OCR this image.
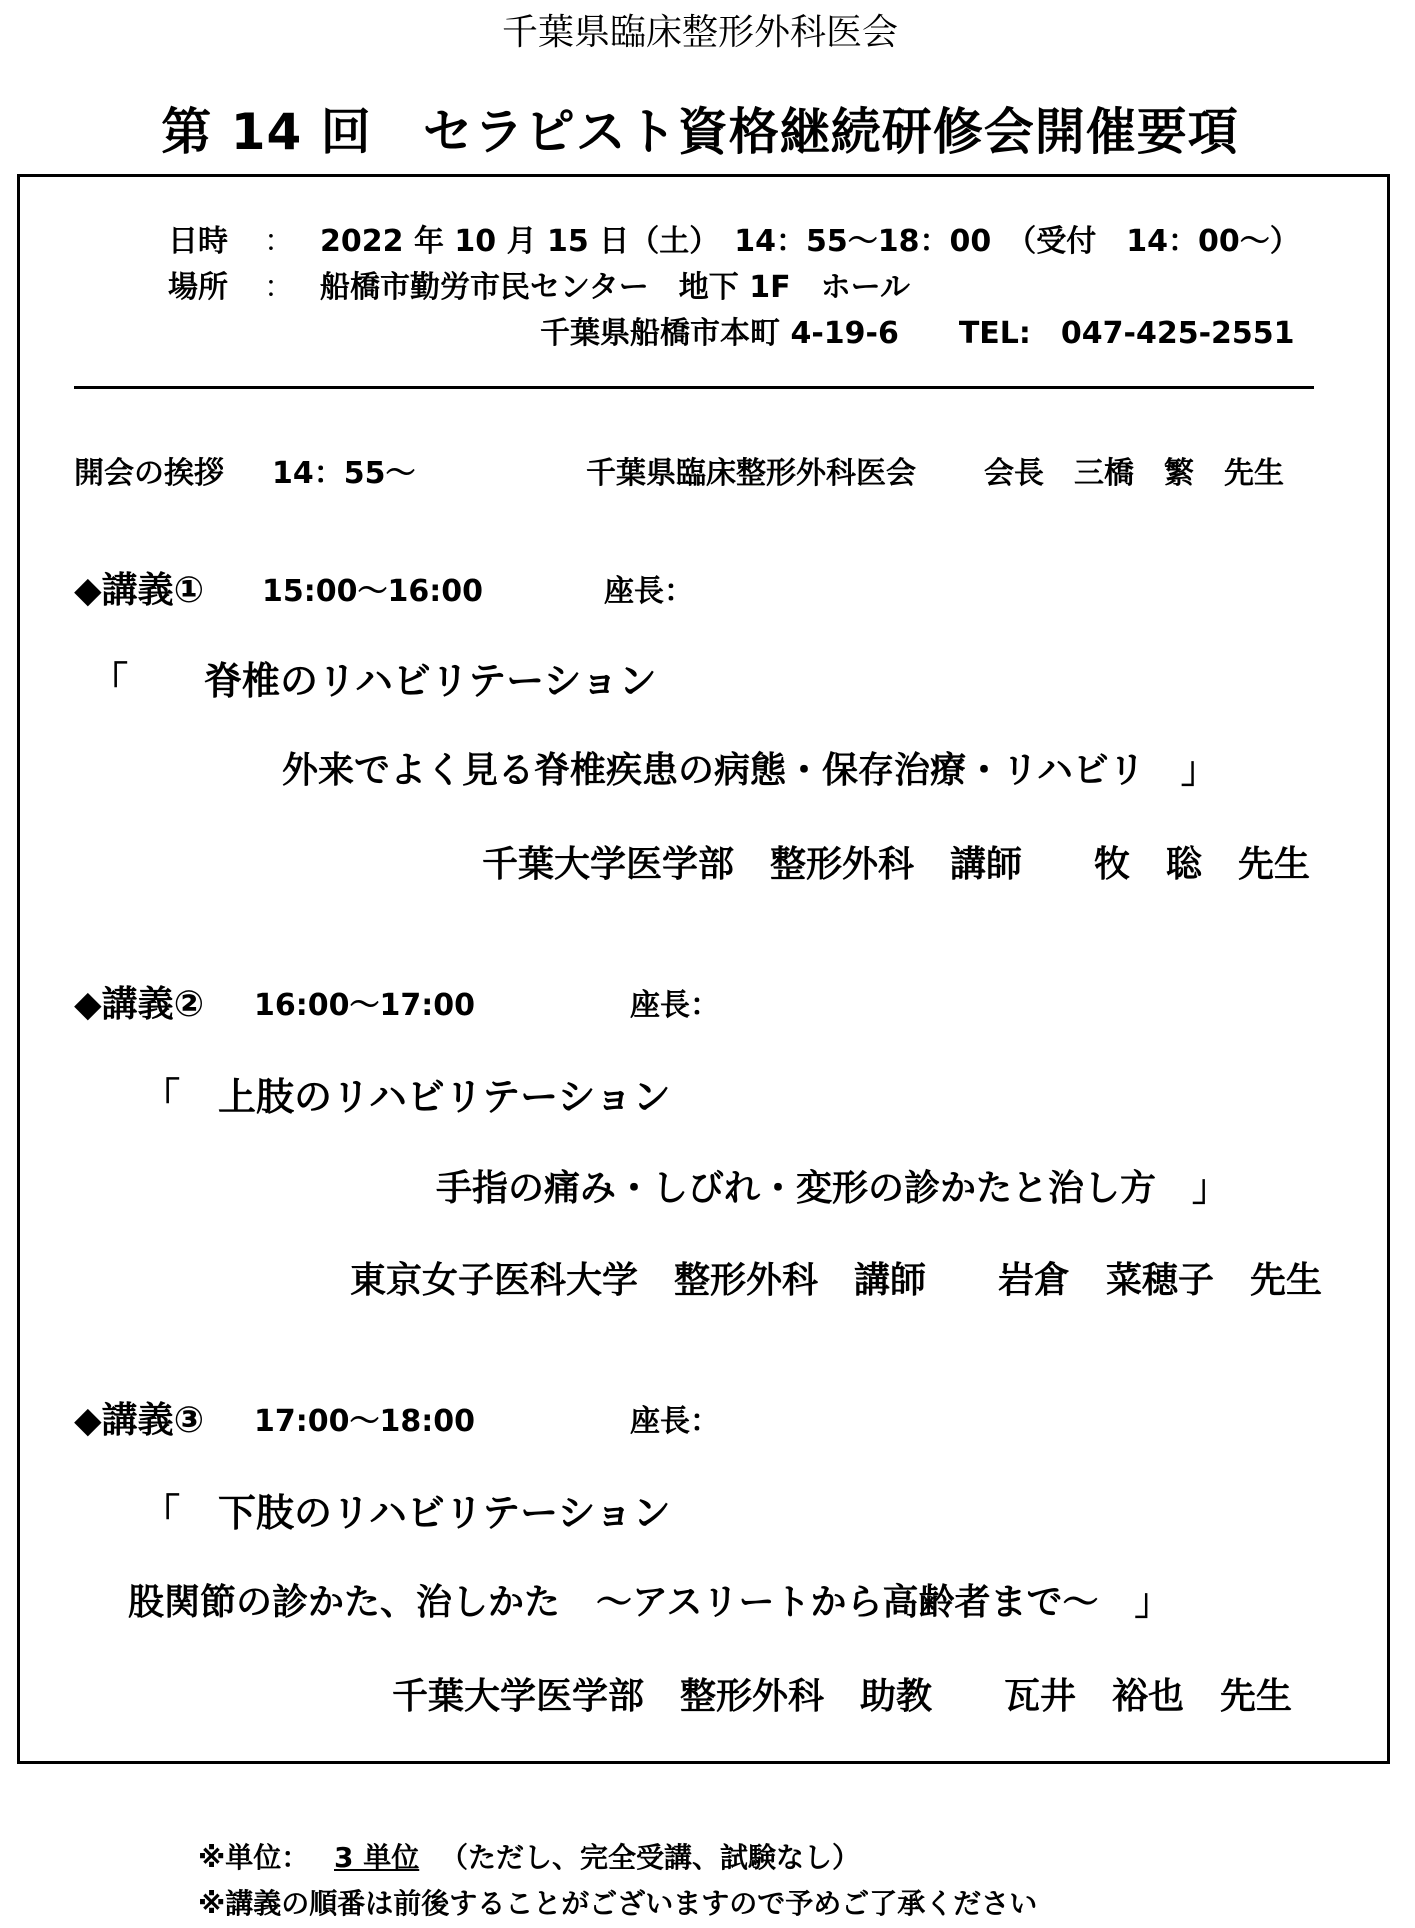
千葉県臨床整形外科医会
第 14 回　セラピスト資格継続研修会開催要項
日時 ： 2022 年 10 月 15 日（土）　14：55～18：00　（受付　14：00～）
場所 ： 船橋市勤労市民センター　地下 1F　ホール
千葉県船橋市本町 4-19-6　　TEL:　047-425-2551
開会の挨拶 14：55～	千葉県臨床整形外科医会 会長　三橋　繁　先生
◆講義① 15:00～16:00	座長：
「　　脊椎のリハビリテーション
外来でよく見る脊椎疾患の病態・保存治療・リハビリ　」
千葉大学医学部　整形外科　講師　　牧　聡　先生
◆講義② 16:00～17:00	座長：
「　上肢のリハビリテーション
手指の痛み・しびれ・変形の診かたと治し方　」
東京女子医科大学　整形外科　講師　　岩倉　菜穂子　先生
◆講義③ 17:00～18:00	座長：
「　下肢のリハビリテーション
股関節の診かた、治しかた　～アスリートから高齢者まで～　」
千葉大学医学部　整形外科　助教　　瓦井　裕也　先生
※単位： 3 単位 （ただし、完全受講、試験なし）
※講義の順番は前後することがございますので予めご了承ください
